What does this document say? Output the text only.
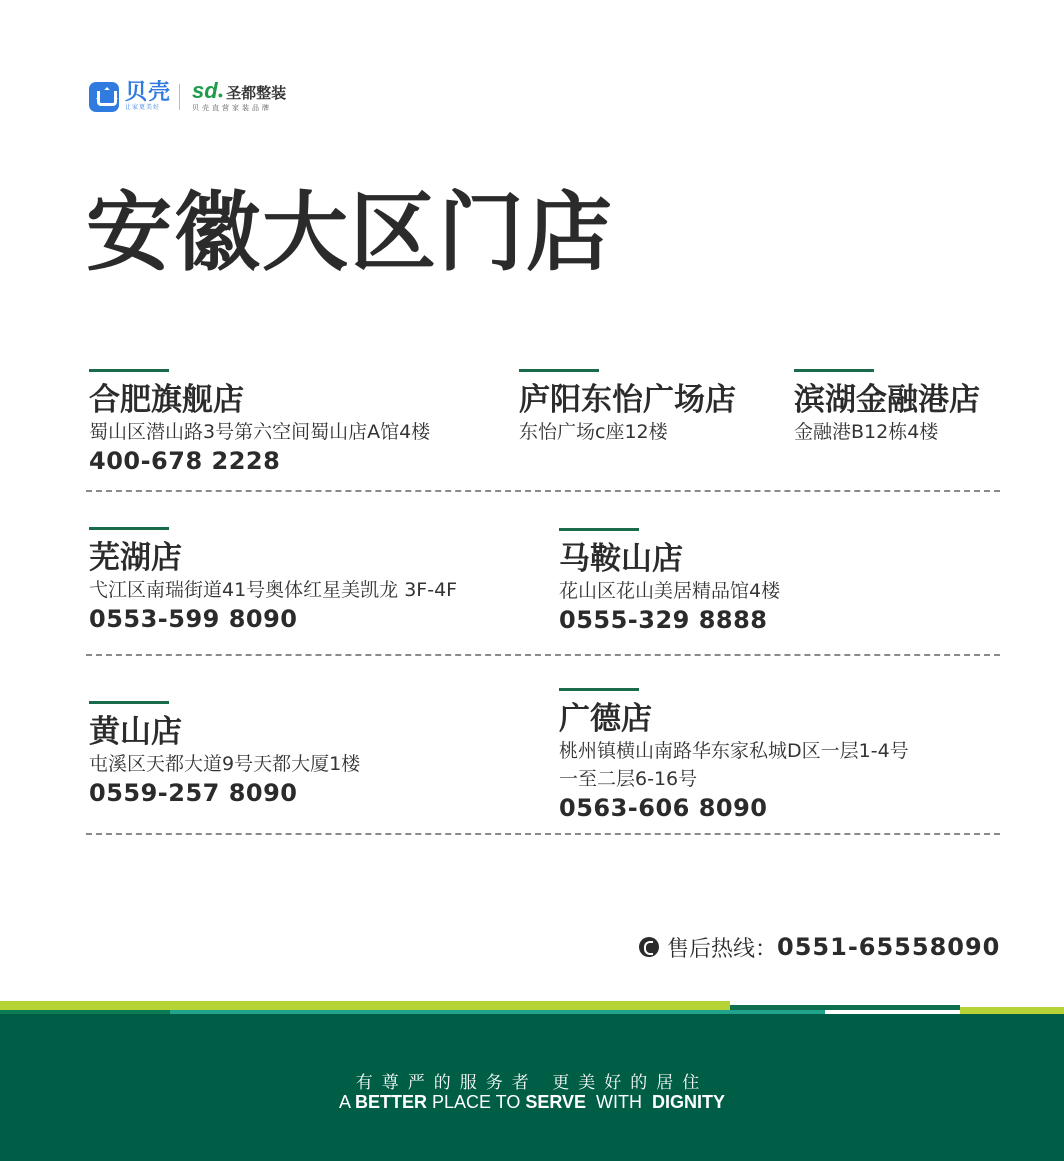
贝壳
让家更美好
sd ● 圣都整装
贝壳直营家装品牌
安徽大区门店
合肥旗舰店
蜀山区潜山路3号第六空间蜀山店A馆4楼
400-678 2228
庐阳东怡广场店
东怡广场c座12楼
滨湖金融港店
金融港B12栋4楼
芜湖店
弋江区南瑞街道41号奥体红星美凯龙 3F-4F
0553-599 8090
马鞍山店
花山区花山美居精品馆4楼
0555-329 8888
黄山店
屯溪区天都大道9号天都大厦1楼
0559-257 8090
广德店
桃州镇横山南路华东家私城D区一层1-4号
一至二层6-16号
0563-606 8090
售后热线： 0551-65558090
有尊严的服务者 更美好的居住
A BETTER PLACE TO SERVE  WITH  DIGNITY
